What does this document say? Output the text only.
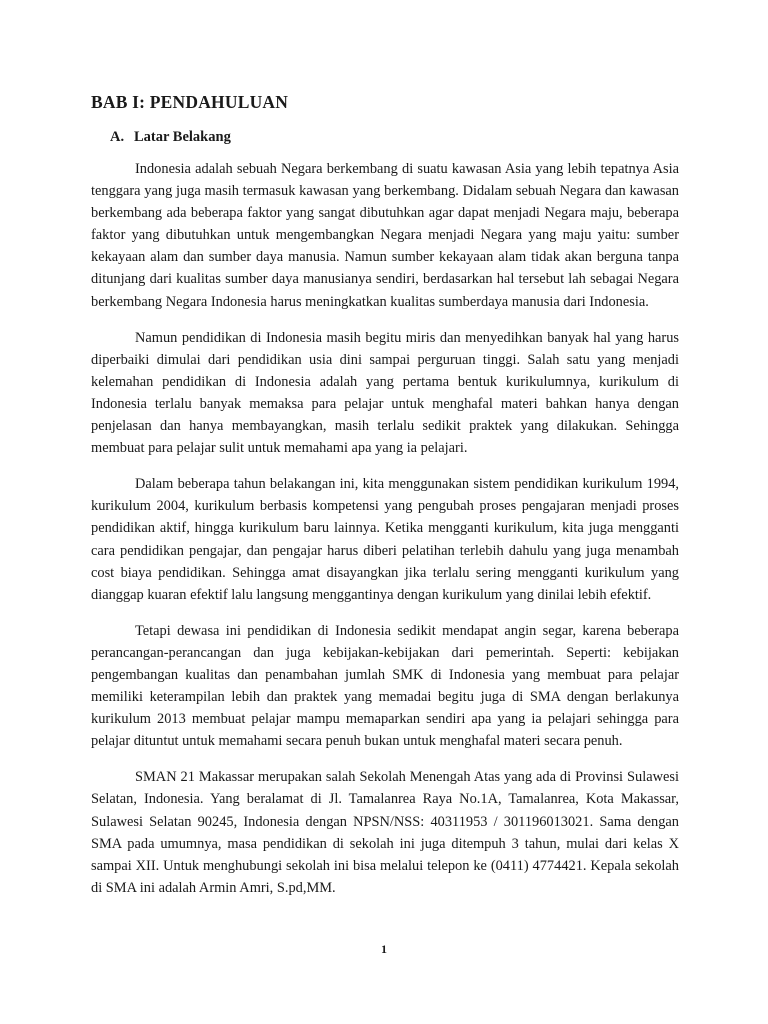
BAB I: PENDAHULUAN
A. Latar Belakang

Indonesia adalah sebuah Negara berkembang di suatu kawasan Asia yang lebih tepatnya Asia tenggara yang juga masih termasuk kawasan yang berkembang. Didalam sebuah Negara dan kawasan berkembang ada beberapa faktor yang sangat dibutuhkan agar dapat menjadi Negara maju, beberapa faktor yang dibutuhkan untuk mengembangkan Negara menjadi Negara yang maju yaitu: sumber kekayaan alam dan sumber daya manusia. Namun sumber kekayaan alam tidak akan berguna tanpa ditunjang dari kualitas sumber daya manusianya sendiri, berdasarkan hal tersebut lah sebagai Negara berkembang Negara Indonesia harus meningkatkan kualitas sumberdaya manusia dari Indonesia.

Namun pendidikan di Indonesia masih begitu miris dan menyedihkan banyak hal yang harus diperbaiki dimulai dari pendidikan usia dini sampai perguruan tinggi. Salah satu yang menjadi kelemahan pendidikan di Indonesia adalah yang pertama bentuk kurikulumnya, kurikulum di Indonesia terlalu banyak memaksa para pelajar untuk menghafal materi bahkan hanya dengan penjelasan dan hanya membayangkan, masih terlalu sedikit praktek yang dilakukan. Sehingga membuat para pelajar sulit untuk memahami apa yang ia pelajari.

Dalam beberapa tahun belakangan ini, kita menggunakan sistem pendidikan kurikulum 1994, kurikulum 2004, kurikulum berbasis kompetensi yang pengubah proses pengajaran menjadi proses pendidikan aktif, hingga kurikulum baru lainnya. Ketika mengganti kurikulum, kita juga mengganti cara pendidikan pengajar, dan pengajar harus diberi pelatihan terlebih dahulu yang juga menambah cost biaya pendidikan. Sehingga amat disayangkan jika terlalu sering mengganti kurikulum yang dianggap kuaran efektif lalu langsung menggantinya dengan kurikulum yang dinilai lebih efektif.

Tetapi dewasa ini pendidikan di Indonesia sedikit mendapat angin segar, karena beberapa perancangan-perancangan dan juga kebijakan-kebijakan dari pemerintah. Seperti: kebijakan pengembangan kualitas dan penambahan jumlah SMK di Indonesia yang membuat para pelajar memiliki keterampilan lebih dan praktek yang memadai begitu juga di SMA dengan berlakunya kurikulum 2013 membuat pelajar mampu memaparkan sendiri apa yang ia pelajari sehingga para pelajar dituntut untuk memahami secara penuh bukan untuk menghafal materi secara penuh.

SMAN 21 Makassar merupakan salah Sekolah Menengah Atas yang ada di Provinsi Sulawesi Selatan, Indonesia. Yang beralamat di Jl. Tamalanrea Raya No.1A, Tamalanrea, Kota Makassar, Sulawesi Selatan 90245, Indonesia dengan NPSN/NSS: 40311953 / 301196013021. Sama dengan SMA pada umumnya, masa pendidikan di sekolah ini juga ditempuh 3 tahun, mulai dari kelas X sampai XII. Untuk menghubungi sekolah ini bisa melalui telepon ke (0411) 4774421. Kepala sekolah di SMA ini adalah Armin Amri, S.pd,MM.

1
